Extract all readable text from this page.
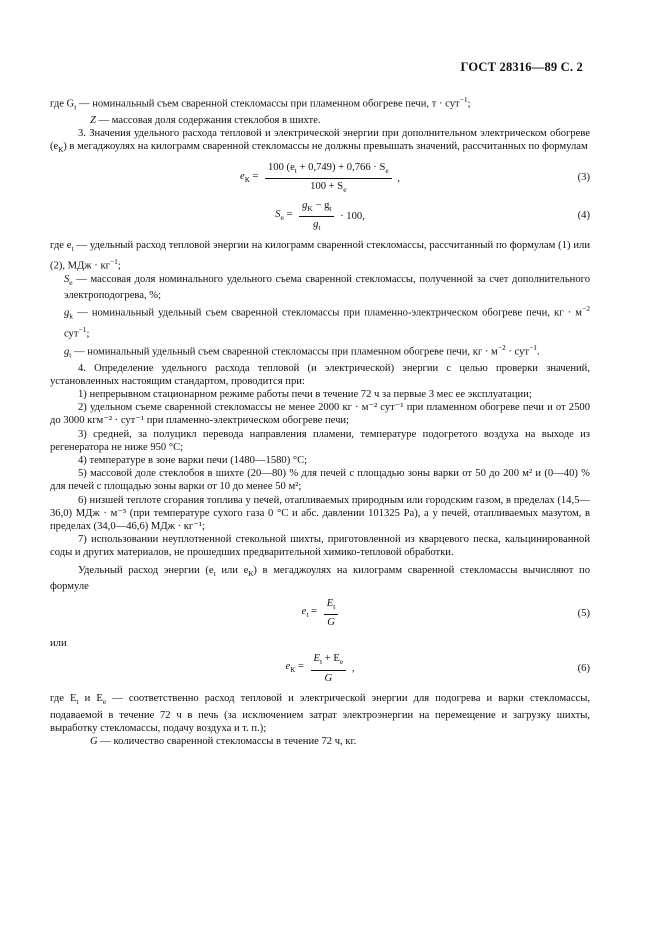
ГОСТ 28316—89 С. 2

где $G_t$ — номинальный съем сваренной стекломассы при пламенном обогреве печи, т · сут$^{-1}$;

Z — массовая доля содержания стеклобоя в шихте.

3. Значения удельного расхода тепловой и электрической энергии при дополнительном электрическом обогреве $(e_К)$ в мегаджоулях на килограмм сваренной стекломассы не должны превышать значений, рассчитанных по формулам

$e_К = \frac{100 (e_t + 0,749) + 0,766 \cdot S_e}{100 + S_e}$ ,	(3)
$S_e = \frac{g_K - g_t}{g_t} \cdot 100$,	(4)

где $e_t$ — удельный расход тепловой энергии на килограмм сваренной стекломассы, рассчитанный по формулам (1) или (2), МДж · $кг^{-1}$;

$S_e$ — массовая доля номинального удельного съема сваренной стекломассы, полученной за счет дополнительного электроподогрева, %;

$g_k$ — номинальный удельный съем сваренной стекломассы при пламенно-электрическом обогреве печи, кг · $м^{-2}$ сут$^{-1}$;

$g_t$ — номинальный удельный съем сваренной стекломассы при пламенном обогреве печи, кг · $м^{-2} \cdot сут^{-1}$.

4. Определение удельного расхода тепловой (и электрической) энергии с целью проверки значений, установленных настоящим стандартом, проводится при:

1) непрерывном стационарном режиме работы печи в течение 72 ч за первые 3 мес ее эксплуатации;

2) удельном съеме сваренной стекломассы не менее 2000 кг · м⁻² сут⁻¹ при пламенном обогреве печи и от 2500 до 3000 кгм⁻² · сут⁻¹ при пламенно-электрическом обогреве печи;

3) средней, за полуцикл перевода направления пламени, температуре подогретого воздуха на выходе из регенератора не ниже 950 °С;

4) температуре в зоне варки печи (1480—1580) °С;

5) массовой доле стеклобоя в шихте (20—80) % для печей с площадью зоны варки от 50 до 200 м² и (0—40) % для печей с площадью зоны варки от 10 до менее 50 м²;

6) низшей теплоте сгорания топлива у печей, отапливаемых природным или городским газом, в пределах (14,5—36,0) МДж · м⁻³ (при температуре сухого газа 0 °С и абс. давлении 101325 Ра), а у печей, отапливаемых мазутом, в пределах (34,0—46,6) МДж · кг⁻¹;

7) использовании неуплотненной стекольной шихты, приготовленной из кварцевого песка, кальцинированной соды и других материалов, не прошедших предварительной химико-тепловой обработки.

Удельный расход энергии ($e_t$ или $e_К$) в мегаджоулях на килограмм сваренной стекломассы вычисляют по формуле

$e_t = \frac{E_t}{G}$	(5)

или

$e_К = \frac{E_t + E_e}{G}$ ,	(6)

где $E_t$ и $E_e$ — соответственно расход тепловой и электрической энергии для подогрева и варки стекломассы, подаваемой в течение 72 ч в печь (за исключением затрат электроэнергии на перемещение и загрузку шихты, выработку стекломассы, подачу воздуха и т. п.);

G — количество сваренной стекломассы в течение 72 ч, кг.
